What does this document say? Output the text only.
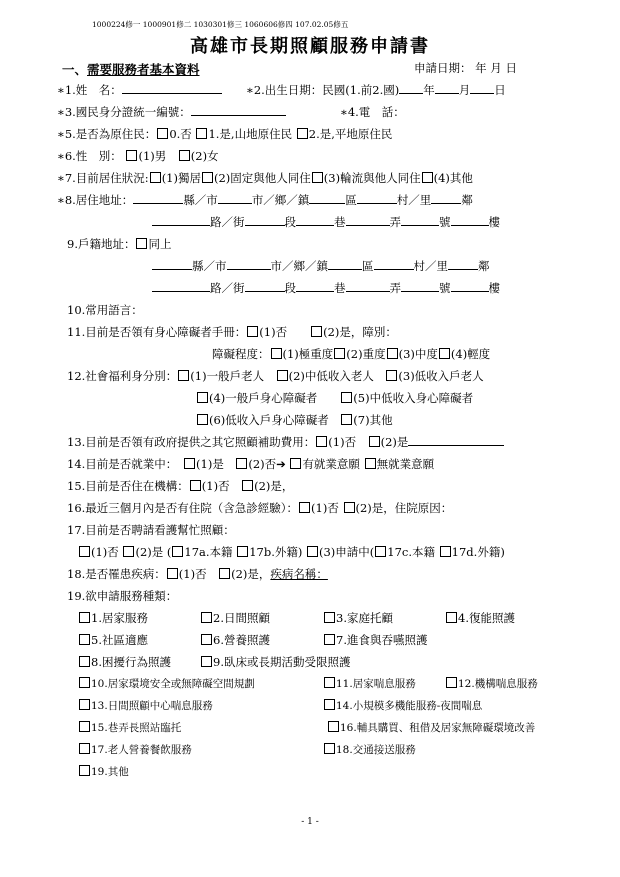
1000224修一 1000901修二 1030301修三 1060606修四 107.02.05修五
高雄市長期照顧服務申請書
一、需要服務者基本資料	申請日期： 年 月 日
∗1.姓　名：	∗2.出生日期：民國(1.前2.國) 年 月 日
∗3.國民身分證統一編號：	∗4.電　話：
∗5.是否為原住民： 0.否 1.是,山地原住民 2.是,平地原住民
∗6.性　別： (1)男　 (2)女
∗7.目前居住狀況: (1)獨居 (2)固定與他人同住 (3)輪流與他人同住 (4)其他
∗8.居住地址：	縣／市	市／鄉／鎮	區	村／里	鄰
路／街	段	巷	弄	號	樓
9.戶籍地址： 同上
縣／市	市／鄉／鎮	區	村／里	鄰
路／街	段	巷	弄	號	樓
10.常用語言：
11.目前是否領有身心障礙者手冊： (1)否　　	(2)是，障別：
障礙程度： (1)極重度 (2)重度 (3)中度 (4)輕度
12.社會福利身分別： (1)一般戶老人　 (2)中低收入老人　 (3)低收入戶老人
(4)一般戶身心障礙者　　	(5)中低收入身心障礙者
(6)低收入戶身心障礙者　 (7)其他
13.目前是否領有政府提供之其它照顧補助費用： (1)否　 (2)是
14.目前是否就業中：　 (1)是　 (2)否➔ 有就業意願 無就業意願
15.目前是否住在機構： (1)否　 (2)是，
16.最近三個月內是否有住院（含急診經驗）： (1)否 (2)是，住院原因：
17.目前是否聘請看護幫忙照顧：
(1)否 (2)是 ( 17a.本籍 17b.外籍) (3)申請中( 17c.本籍 17d.外籍)
18.是否罹患疾病： (1)否　 (2)是，疾病名稱：
19.欲申請服務種類：
1.居家服務	2.日間照顧	3.家庭托顧	4.復能照護
5.社區適應	6.營養照護	7.進食與吞嚥照護
8.困擾行為照護	9.臥床或長期活動受限照護
10.居家環境安全或無障礙空間規劃	11.居家喘息服務	12.機構喘息服務
13.日間照顧中心喘息服務	14.小規模多機能服務-夜間喘息
15.巷弄長照站臨托	16.輔具購買、租借及居家無障礙環境改善
17.老人營養餐飲服務	18.交通接送服務
19.其他
- 1 -
